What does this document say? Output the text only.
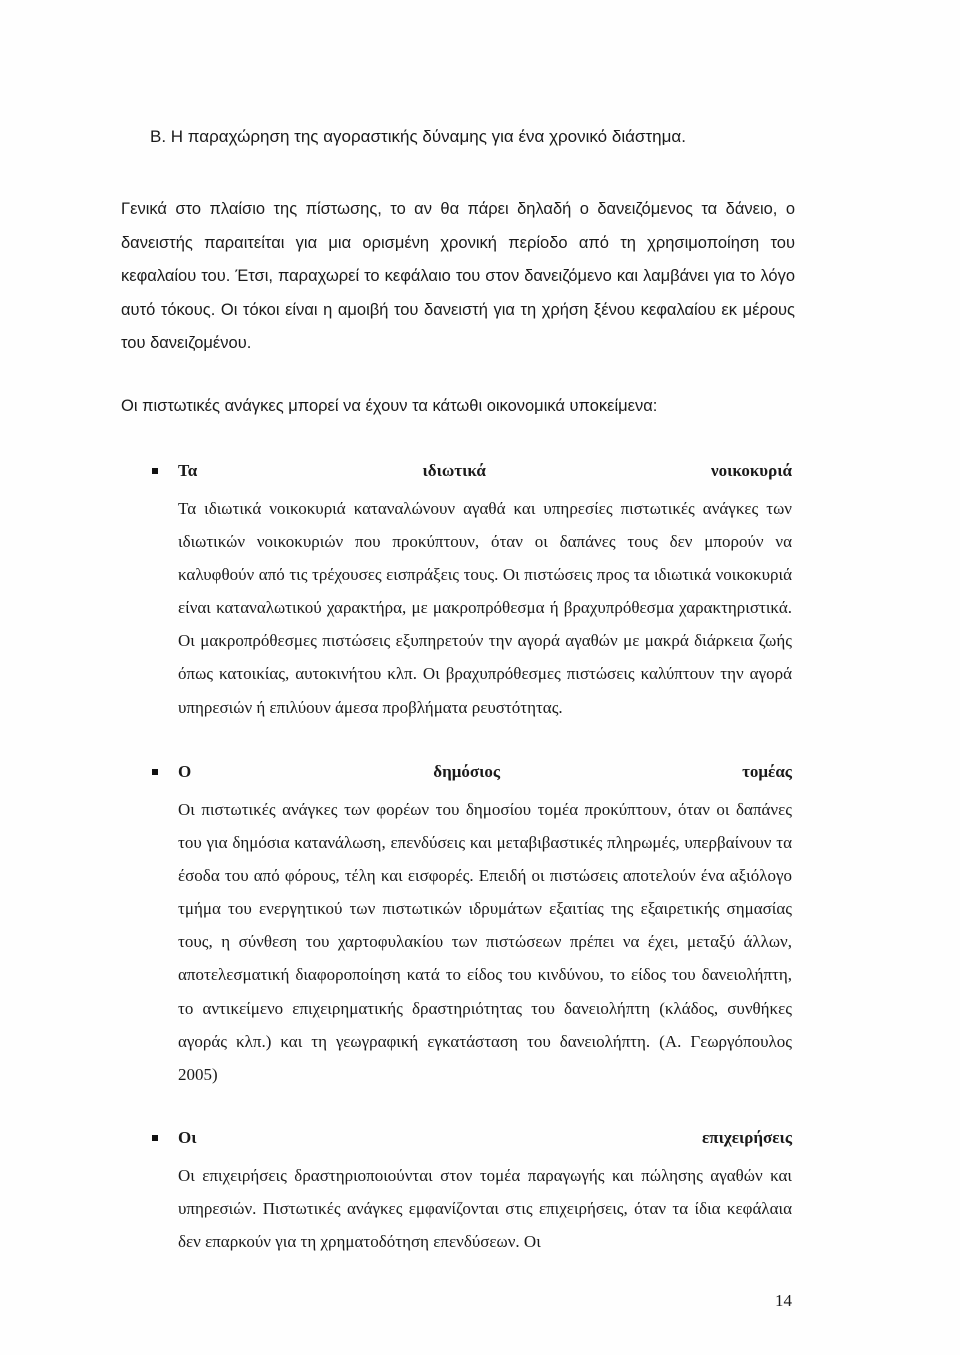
Β. Η παραχώρηση της αγοραστικής δύναμης για ένα χρονικό διάστημα.
Γενικά στο πλαίσιο της πίστωσης, το αν θα πάρει δηλαδή ο δανειζόμενος τα δάνειο, ο δανειστής παραιτείται για μια ορισμένη χρονική περίοδο από τη χρησιμοποίηση του κεφαλαίου του. Έτσι, παραχωρεί το κεφάλαιο του στον δανειζόμενο και λαμβάνει για το λόγο αυτό τόκους. Οι τόκοι είναι η αμοιβή του δανειστή για τη χρήση ξένου κεφαλαίου εκ μέρους του δανειζομένου.
Οι πιστωτικές ανάγκες μπορεί να έχουν τα κάτωθι οικονομικά υποκείμενα:
Τα	ιδιωτικά	νοικοκυριά
Τα ιδιωτικά νοικοκυριά καταναλώνουν αγαθά και υπηρεσίες πιστωτικές ανάγκες των ιδιωτικών νοικοκυριών που προκύπτουν, όταν οι δαπάνες τους δεν μπορούν να καλυφθούν από τις τρέχουσες εισπράξεις τους. Οι πιστώσεις προς τα ιδιωτικά νοικοκυριά είναι καταναλωτικού χαρακτήρα, με μακροπρόθεσμα ή βραχυπρόθεσμα χαρακτηριστικά. Οι μακροπρόθεσμες πιστώσεις εξυπηρετούν την αγορά αγαθών με μακρά διάρκεια ζωής όπως κατοικίας, αυτοκινήτου κλπ. Οι βραχυπρόθεσμες πιστώσεις καλύπτουν την αγορά υπηρεσιών ή επιλύουν άμεσα προβλήματα ρευστότητας.
Ο	δημόσιος	τομέας
Οι πιστωτικές ανάγκες των φορέων του δημοσίου τομέα προκύπτουν, όταν οι δαπάνες του για δημόσια κατανάλωση, επενδύσεις και μεταβιβαστικές πληρωμές, υπερβαίνουν τα έσοδα του από φόρους, τέλη και εισφορές. Επειδή οι πιστώσεις αποτελούν ένα αξιόλογο τμήμα του ενεργητικού των πιστωτικών ιδρυμάτων εξαιτίας της εξαιρετικής σημασίας τους, η σύνθεση του χαρτοφυλακίου των πιστώσεων πρέπει να έχει, μεταξύ άλλων, αποτελεσματική διαφοροποίηση κατά το είδος του κινδύνου, το είδος του δανειολήπτη, το αντικείμενο επιχειρηματικής δραστηριότητας του δανειολήπτη (κλάδος, συνθήκες αγοράς κλπ.) και τη γεωγραφική εγκατάσταση του δανειολήπτη. (Α. Γεωργόπουλος 2005)
Οι	επιχειρήσεις
Οι επιχειρήσεις δραστηριοποιούνται στον τομέα παραγωγής και πώλησης αγαθών και υπηρεσιών. Πιστωτικές ανάγκες εμφανίζονται στις επιχειρήσεις, όταν τα ίδια κεφάλαια δεν επαρκούν για τη χρηματοδότηση επενδύσεων. Οι
14
